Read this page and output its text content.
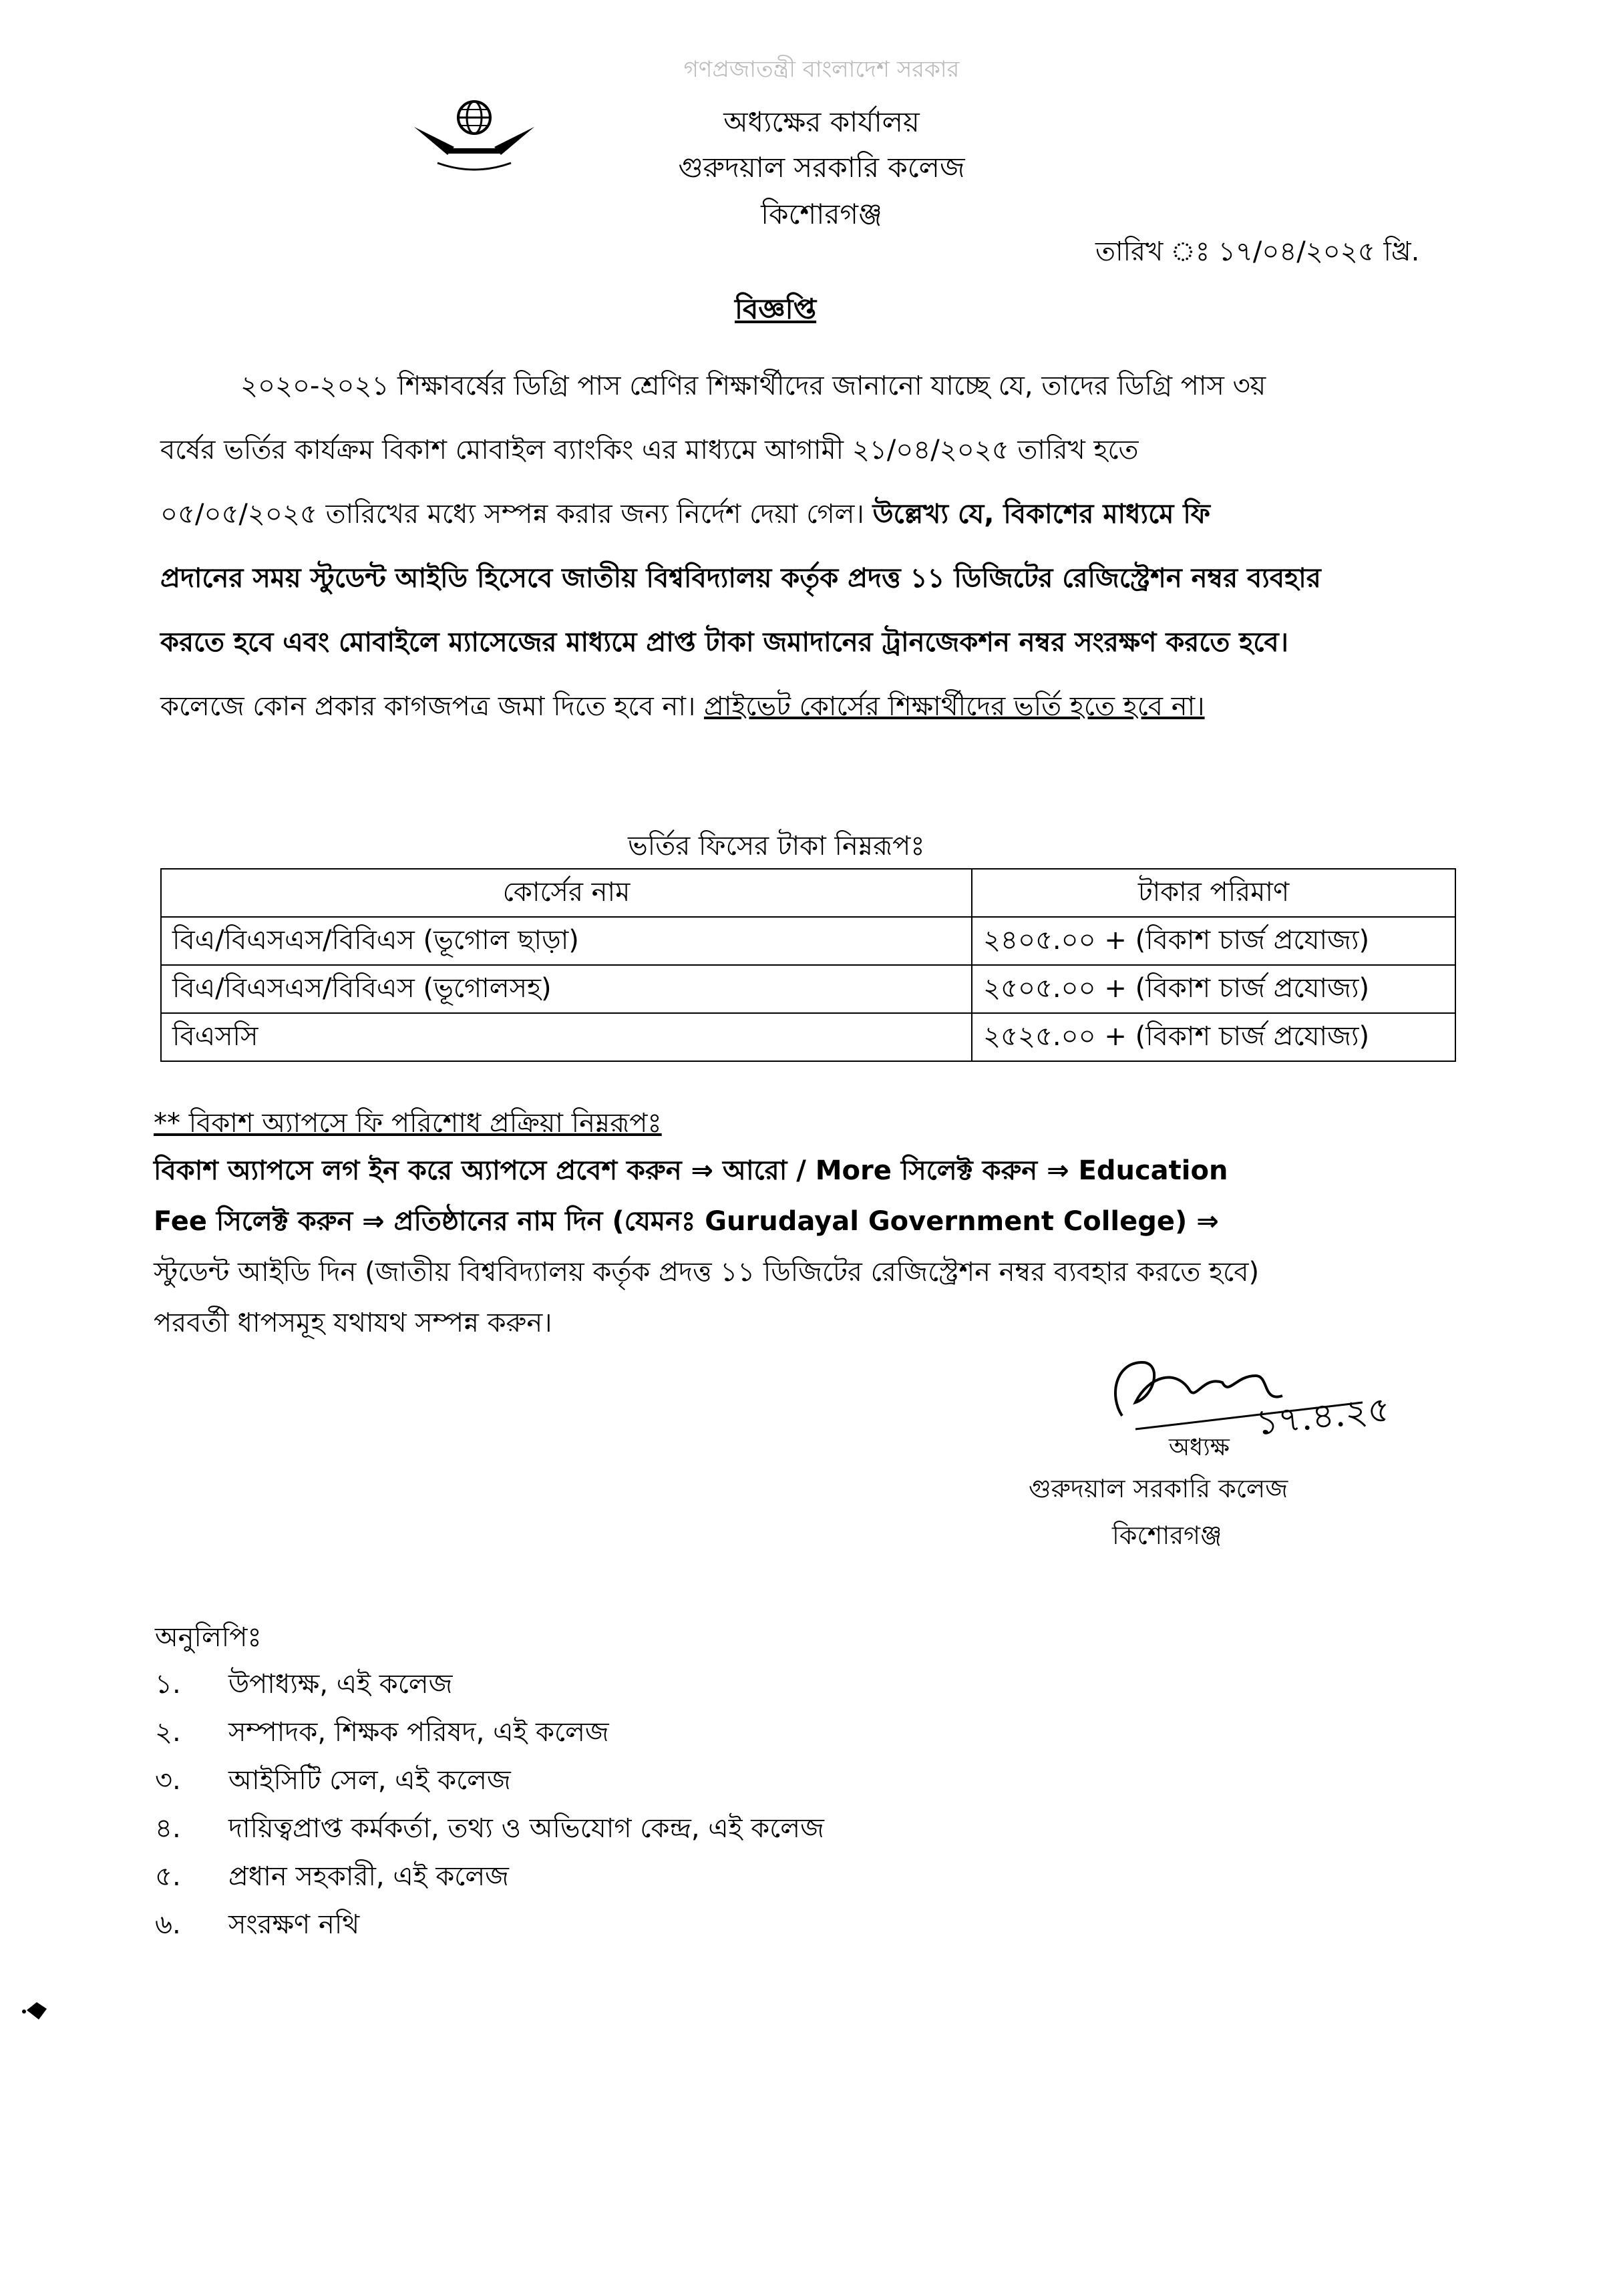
গণপ্রজাতন্ত্রী বাংলাদেশ সরকার
অধ্যক্ষের কার্যালয়
গুরুদয়াল সরকারি কলেজ
কিশোরগঞ্জ
তারিখ ঃ ১৭/০৪/২০২৫ খ্রি.
বিজ্ঞপ্তি
২০২০-২০২১ শিক্ষাবর্ষের ডিগ্রি পাস শ্রেণির শিক্ষার্থীদের জানানো যাচ্ছে যে, তাদের ডিগ্রি পাস ৩য়
বর্ষের ভর্তির কার্যক্রম বিকাশ মোবাইল ব্যাংকিং এর মাধ্যমে আগামী ২১/০৪/২০২৫ তারিখ হতে
০৫/০৫/২০২৫ তারিখের মধ্যে সম্পন্ন করার জন্য নির্দেশ দেয়া গেল। উল্লেখ্য যে, বিকাশের মাধ্যমে ফি
প্রদানের সময় স্টুডেন্ট আইডি হিসেবে জাতীয় বিশ্ববিদ্যালয় কর্তৃক প্রদত্ত ১১ ডিজিটের রেজিস্ট্রেশন নম্বর ব্যবহার
করতে হবে এবং মোবাইলে ম্যাসেজের মাধ্যমে প্রাপ্ত টাকা জমাদানের ট্রানজেকশন নম্বর সংরক্ষণ করতে হবে।
কলেজে কোন প্রকার কাগজপত্র জমা দিতে হবে না। প্রাইভেট কোর্সের শিক্ষার্থীদের ভর্তি হতে হবে না।
ভর্তির ফিসের টাকা নিম্নরূপঃ
কোর্সের নাম	টাকার পরিমাণ
বিএ/বিএসএস/বিবিএস (ভূগোল ছাড়া)	২৪০৫.০০ + (বিকাশ চার্জ প্রযোজ্য)
বিএ/বিএসএস/বিবিএস (ভূগোলসহ)	২৫০৫.০০ + (বিকাশ চার্জ প্রযোজ্য)
বিএসসি	২৫২৫.০০ + (বিকাশ চার্জ প্রযোজ্য)
** বিকাশ অ্যাপসে ফি পরিশোধ প্রক্রিয়া নিম্নরূপঃ
বিকাশ অ্যাপসে লগ ইন করে অ্যাপসে প্রবেশ করুন ⇒ আরো / More সিলেক্ট করুন ⇒ Education
Fee সিলেক্ট করুন ⇒ প্রতিষ্ঠানের নাম দিন (যেমনঃ Gurudayal Government College) ⇒
স্টুডেন্ট আইডি দিন (জাতীয় বিশ্ববিদ্যালয় কর্তৃক প্রদত্ত ১১ ডিজিটের রেজিস্ট্রেশন নম্বর ব্যবহার করতে হবে)
পরবর্তী ধাপসমূহ যথাযথ সম্পন্ন করুন।
১৭.৪.২৫
অধ্যক্ষ
গুরুদয়াল সরকারি কলেজ
কিশোরগঞ্জ
অনুলিপিঃ
১.	উপাধ্যক্ষ, এই কলেজ
২.	সম্পাদক, শিক্ষক পরিষদ, এই কলেজ
৩.	আইসিটি সেল, এই কলেজ
৪.	দায়িত্বপ্রাপ্ত কর্মকর্তা, তথ্য ও অভিযোগ কেন্দ্র, এই কলেজ
৫.	প্রধান সহকারী, এই কলেজ
৬.	সংরক্ষণ নথি
